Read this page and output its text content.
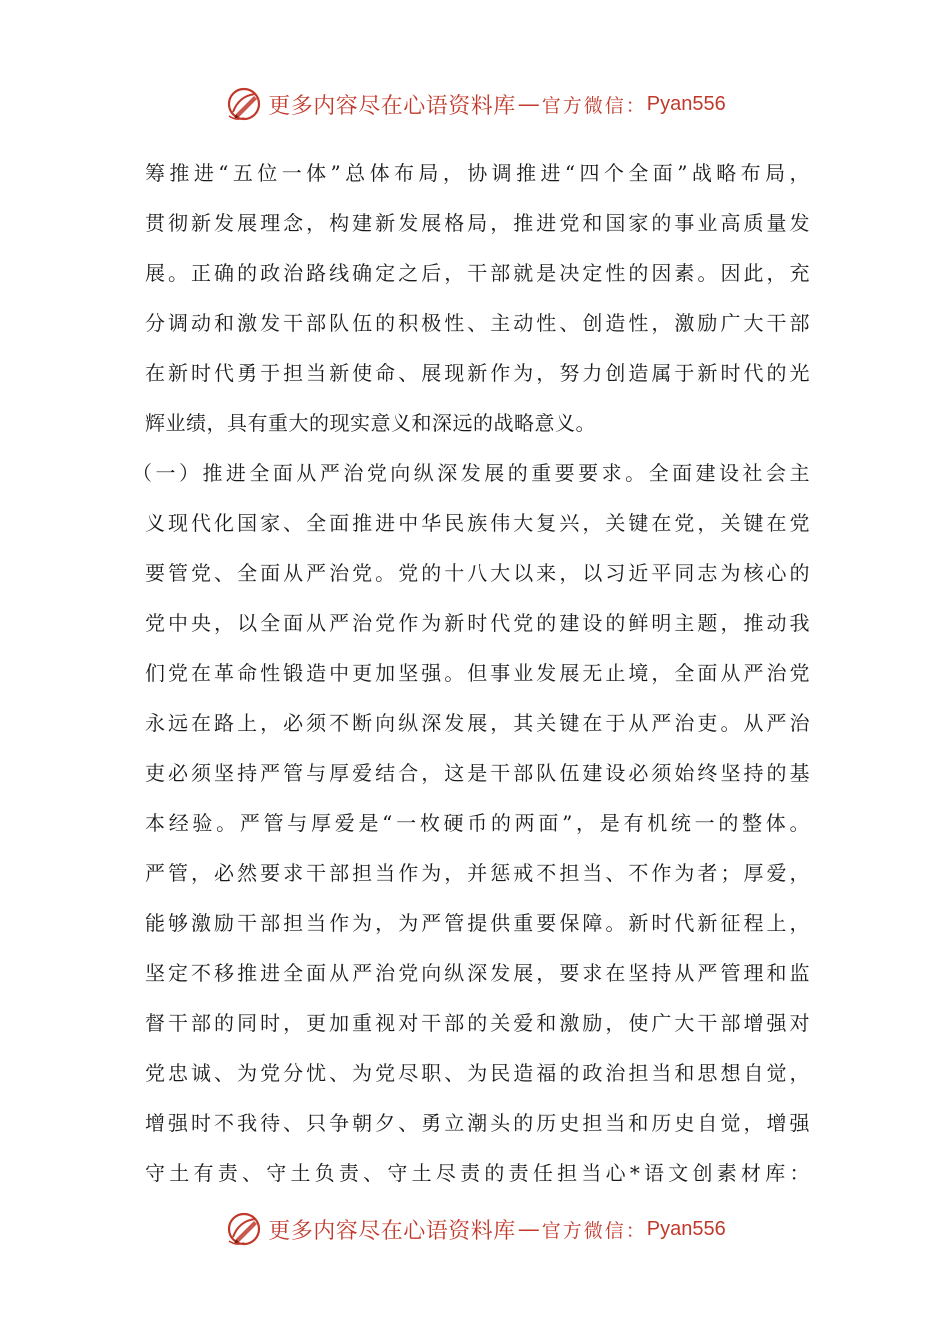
更多内容尽在心语资料库 — 官方微信： Pyan556
筹推进“五位一体”总体布局，协调推进“四个全面”战略布局，
贯彻新发展理念，构建新发展格局，推进党和国家的事业高质量发
展。正确的政治路线确定之后，干部就是决定性的因素。因此，充
分调动和激发干部队伍的积极性、主动性、创造性，激励广大干部
在新时代勇于担当新使命、展现新作为，努力创造属于新时代的光
辉业绩，具有重大的现实意义和深远的战略意义。
（一）推进全面从严治党向纵深发展的重要要求。全面建设社会主
义现代化国家、全面推进中华民族伟大复兴，关键在党，关键在党
要管党、全面从严治党。党的十八大以来，以习近平同志为核心的
党中央，以全面从严治党作为新时代党的建设的鲜明主题，推动我
们党在革命性锻造中更加坚强。但事业发展无止境，全面从严治党
永远在路上，必须不断向纵深发展，其关键在于从严治吏。从严治
吏必须坚持严管与厚爱结合，这是干部队伍建设必须始终坚持的基
本经验。严管与厚爱是“一枚硬币的两面”，是有机统一的整体。
严管，必然要求干部担当作为，并惩戒不担当、不作为者；厚爱，
能够激励干部担当作为，为严管提供重要保障。新时代新征程上，
坚定不移推进全面从严治党向纵深发展，要求在坚持从严管理和监
督干部的同时，更加重视对干部的关爱和激励，使广大干部增强对
党忠诚、为党分忧、为党尽职、为民造福的政治担当和思想自觉，
增强时不我待、只争朝夕、勇立潮头的历史担当和历史自觉，增强
守土有责、守土负责、守土尽责的责任担当心*语文创素材库：
更多内容尽在心语资料库 — 官方微信： Pyan556
